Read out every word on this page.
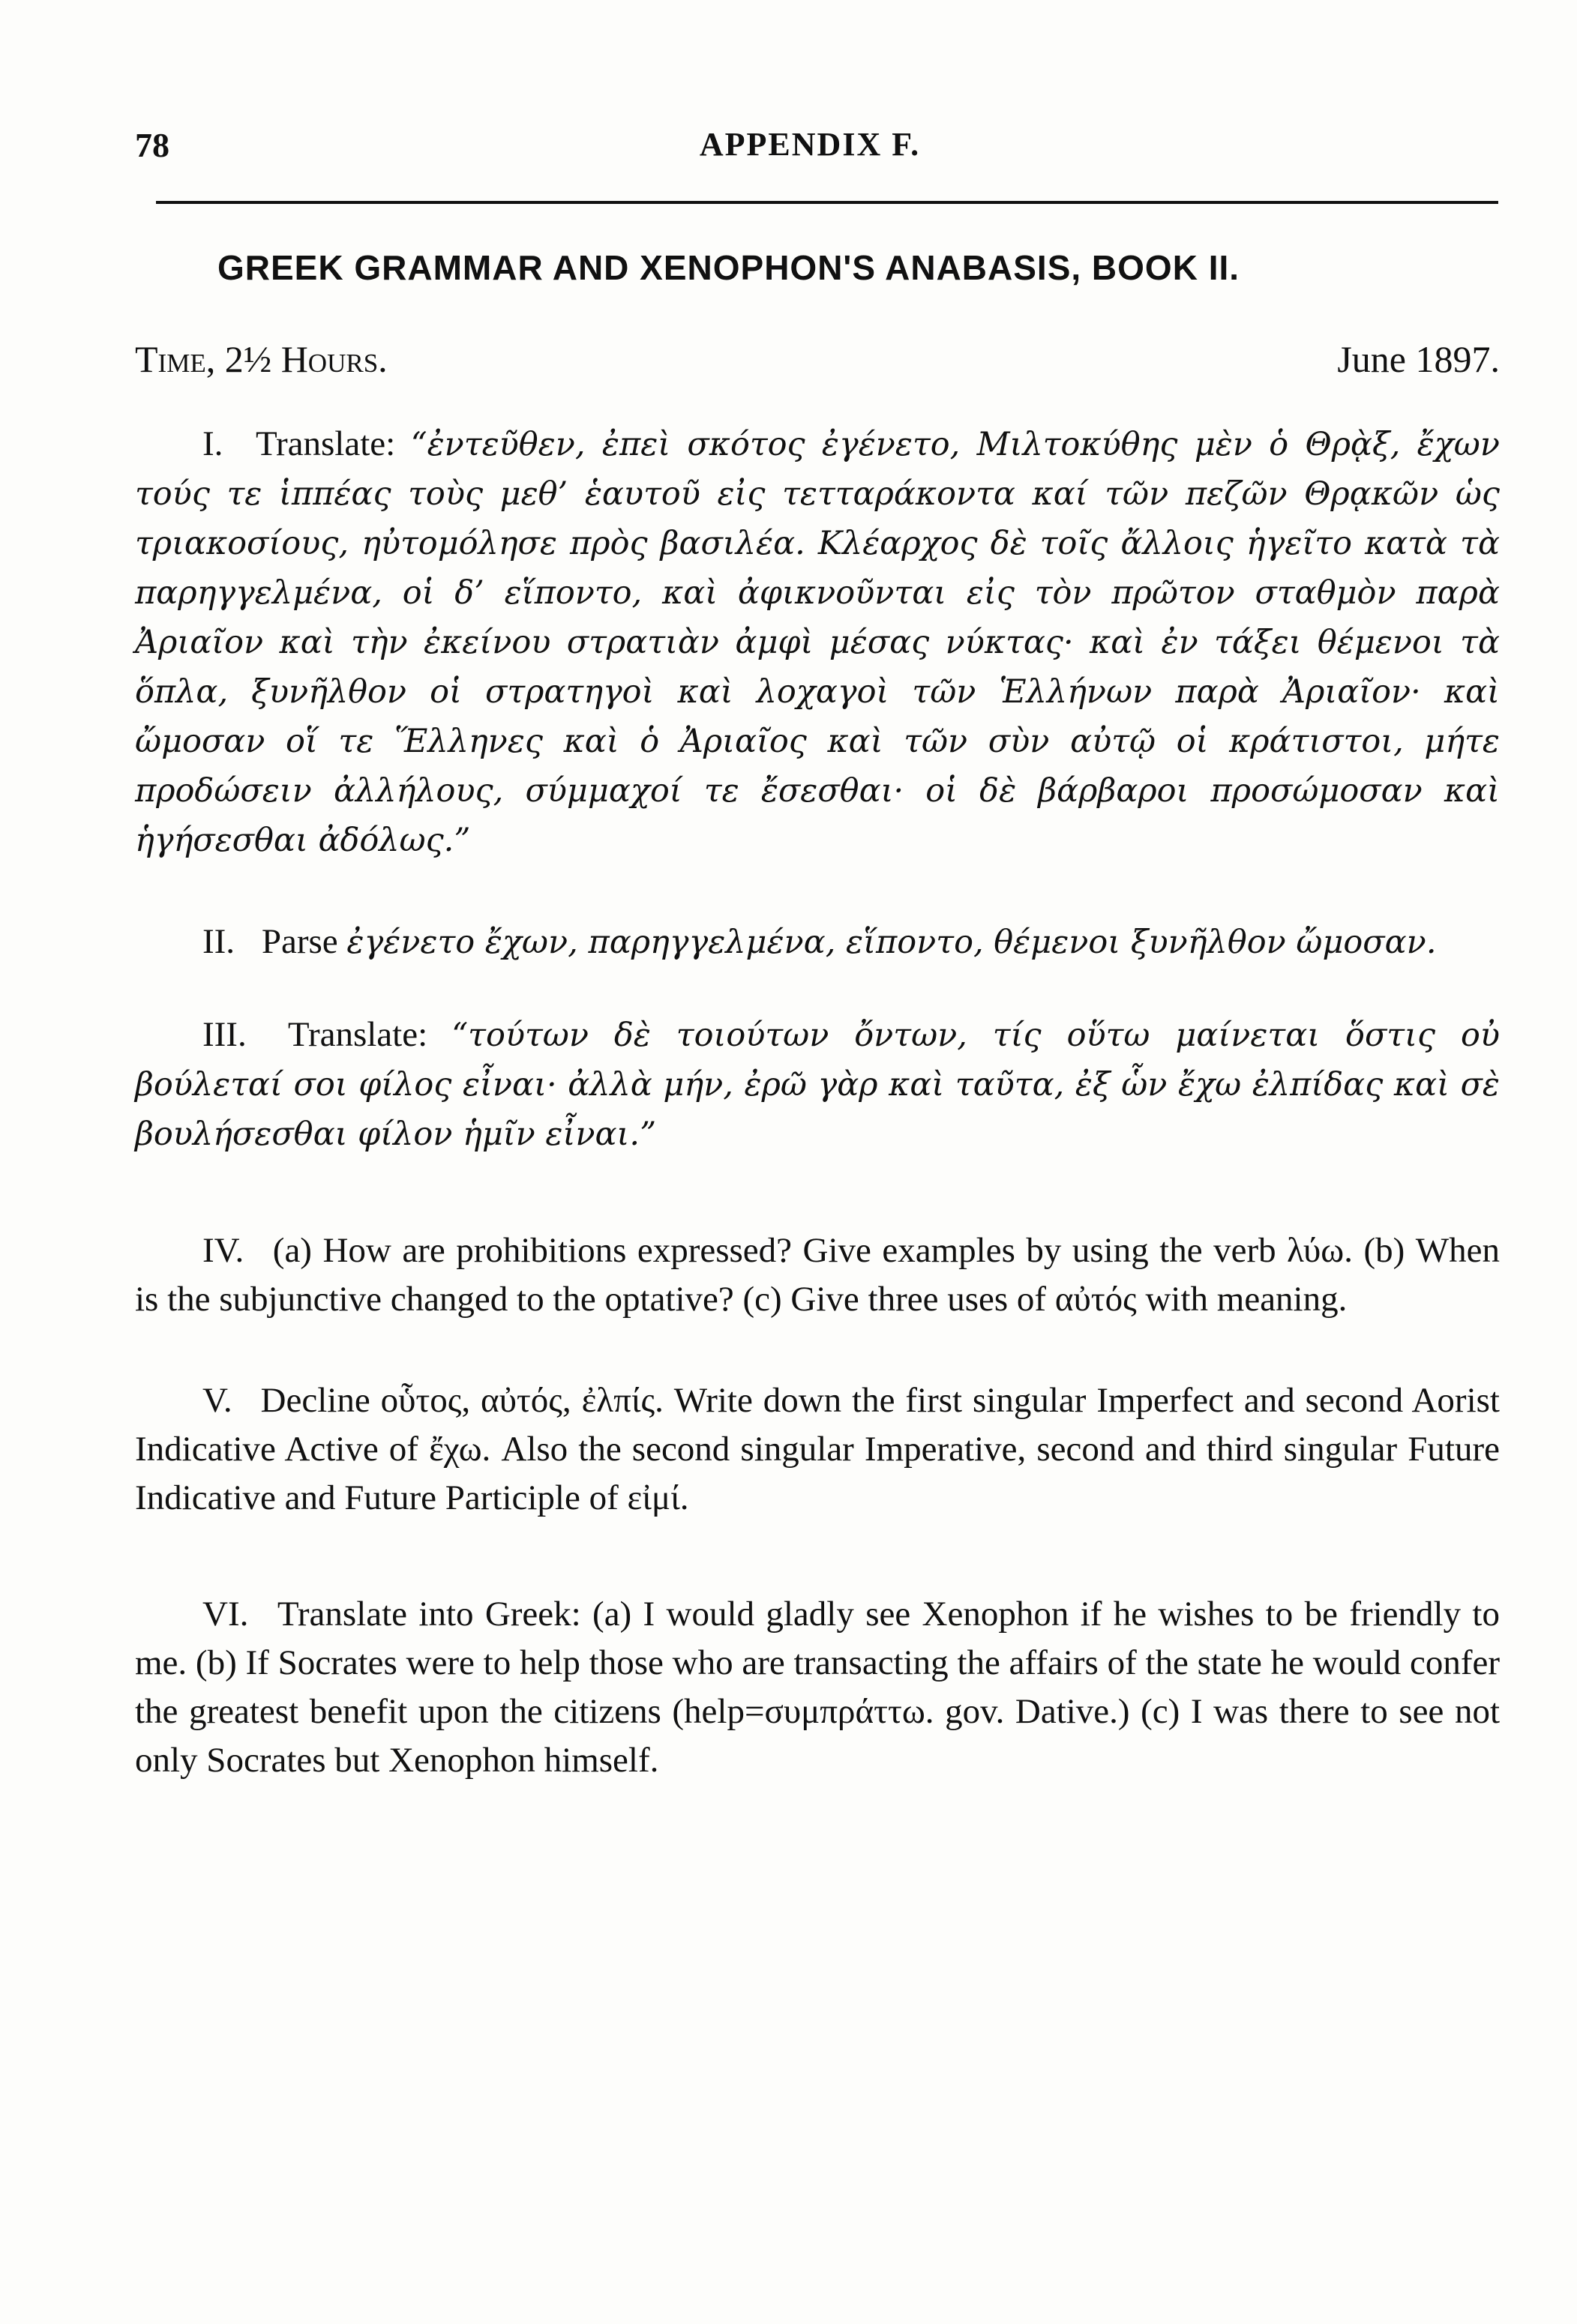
78	APPENDIX F.
GREEK GRAMMAR AND XENOPHON'S ANABASIS, BOOK II.
Time, 2½ Hours.	June 1897.

I. Translate: “ἐντεῦθεν, ἐπεὶ σκότος ἐγένετο, Μιλτοκύθης μὲν ὁ Θρᾲξ, ἔχων τούς τε ἱππέας τοὺς μεθ’ ἑαυτοῦ εἰς τετταράκοντα καί τῶν πεζῶν Θρᾳκῶν ὡς τριακοσίους, ηὐτομόλησε πρὸς βασιλέα. Κλέαρχος δὲ τοῖς ἄλλοις ἡγεῖτο κατὰ τὰ παρηγγελμένα, οἱ δ’ εἵποντο, καὶ ἀφικνοῦνται εἰς τὸν πρῶτον σταθμὸν παρὰ Ἀριαῖον καὶ τὴν ἐκείνου στρατιὰν ἀμφὶ μέσας νύκτας· καὶ ἐν τάξει θέμενοι τὰ ὅπλα, ξυνῆλθον οἱ στρατηγοὶ καὶ λοχαγοὶ τῶν Ἑλλήνων παρὰ Ἀριαῖον· καὶ ὤμοσαν οἵ τε Ἕλληνες καὶ ὁ Ἀριαῖος καὶ τῶν σὺν αὐτῷ οἱ κράτιστοι, μήτε προδώσειν ἀλλήλους, σύμμαχοί τε ἔσεσθαι· οἱ δὲ βάρβαροι προσώμοσαν καὶ ἡγήσεσθαι ἀδόλως.”

II. Parse ἐγένετο ἔχων, παρηγγελμένα, εἵποντο, θέμενοι ξυνῆλθον ὤμοσαν.

III. Translate: “τούτων δὲ τοιούτων ὄντων, τίς οὕτω μαίνεται ὅστις οὐ βούλεταί σοι φίλος εἶναι· ἀλλὰ μήν, ἐρῶ γὰρ καὶ ταῦτα, ἐξ ὧν ἔχω ἐλπίδας καὶ σὲ βουλήσεσθαι φίλον ἡμῖν εἶναι.”

IV. (a) How are prohibitions expressed? Give examples by using the verb λύω. (b) When is the subjunctive changed to the optative? (c) Give three uses of αὐτός with meaning.

V. Decline οὗτος, αὐτός, ἐλπίς. Write down the first singular Imperfect and second Aorist Indicative Active of ἔχω. Also the second singular Imperative, second and third singular Future Indicative and Future Participle of εἰμί.

VI. Translate into Greek: (a) I would gladly see Xenophon if he wishes to be friendly to me. (b) If Socrates were to help those who are transacting the affairs of the state he would confer the greatest benefit upon the citizens (help=συμπράττω. gov. Dative.) (c) I was there to see not only Socrates but Xenophon himself.
